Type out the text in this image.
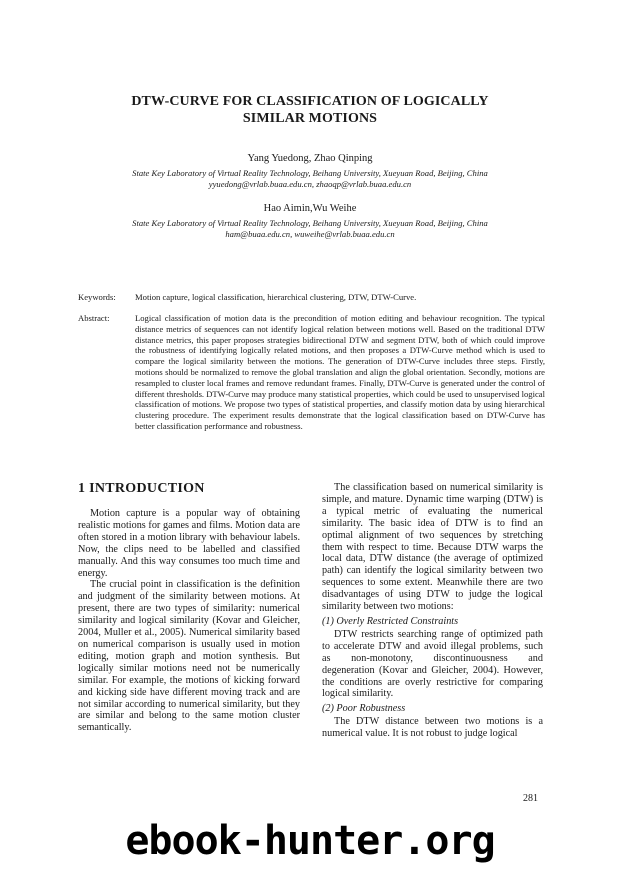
DTW-CURVE FOR CLASSIFICATION OF LOGICALLY
SIMILAR MOTIONS
Yang Yuedong, Zhao Qinping
State Key Laboratory of Virtual Reality Technology, Beihang University, Xueyuan Road, Beijing, China
yyuedong@vrlab.buaa.edu.cn, zhaoqp@vrlab.buaa.edu.cn
Hao Aimin,Wu Weihe
State Key Laboratory of Virtual Reality Technology, Beihang University, Xueyuan Road, Beijing, China
ham@buaa.edu.cn, wuweihe@vrlab.buaa.edu.cn
Keywords: Motion capture, logical classification, hierarchical clustering, DTW, DTW-Curve.
Abstract:	Logical classification of motion data is the precondition of motion editing and behaviour recognition. The typical distance metrics of sequences can not identify logical relation between motions well. Based on the traditional DTW distance metrics, this paper proposes strategies bidirectional DTW and segment DTW, both of which could improve the robustness of identifying logically related motions, and then proposes a DTW-Curve method which is used to compare the logical similarity between the motions. The generation of DTW-Curve includes three steps. Firstly, motions should be normalized to remove the global translation and align the global orientation. Secondly, motions are resampled to cluster local frames and remove redundant frames. Finally, DTW-Curve is generated under the control of different thresholds. DTW-Curve may produce many statistical properties, which could be used to unsupervised logical classification of motions. We propose two types of statistical properties, and classify motion data by using hierarchical clustering procedure. The experiment results demonstrate that the logical classification based on DTW-Curve has better classification performance and robustness.
1 INTRODUCTION

Motion capture is a popular way of obtaining realistic motions for games and films. Motion data are often stored in a motion library with behaviour labels. Now, the clips need to be labelled and classified manually. And this way consumes too much time and energy.

The crucial point in classification is the definition and judgment of the similarity between motions. At present, there are two types of similarity: numerical similarity and logical similarity (Kovar and Gleicher, 2004, Muller et al., 2005). Numerical similarity based on numerical comparison is usually used in motion editing, motion graph and motion synthesis. But logically similar motions need not be numerically similar. For example, the motions of kicking forward and kicking side have different moving track and are not similar according to numerical similarity, but they are similar and belong to the same motion cluster semantically.

The classification based on numerical similarity is simple, and mature. Dynamic time warping (DTW) is a typical metric of evaluating the numerical similarity. The basic idea of DTW is to find an optimal alignment of two sequences by stretching them with respect to time. Because DTW warps the local data, DTW distance (the average of optimized path) can identify the logical similarity between two sequences to some extent. Meanwhile there are two disadvantages of using DTW to judge the logical similarity between two motions:

(1) Overly Restricted Constraints

DTW restricts searching range of optimized path to accelerate DTW and avoid illegal problems, such as non-monotony, discontinuousness and degeneration (Kovar and Gleicher, 2004). However, the conditions are overly restrictive for comparing logical similarity.

(2) Poor Robustness

The DTW distance between two motions is a numerical value. It is not robust to judge logical

281
ebook-hunter.org
